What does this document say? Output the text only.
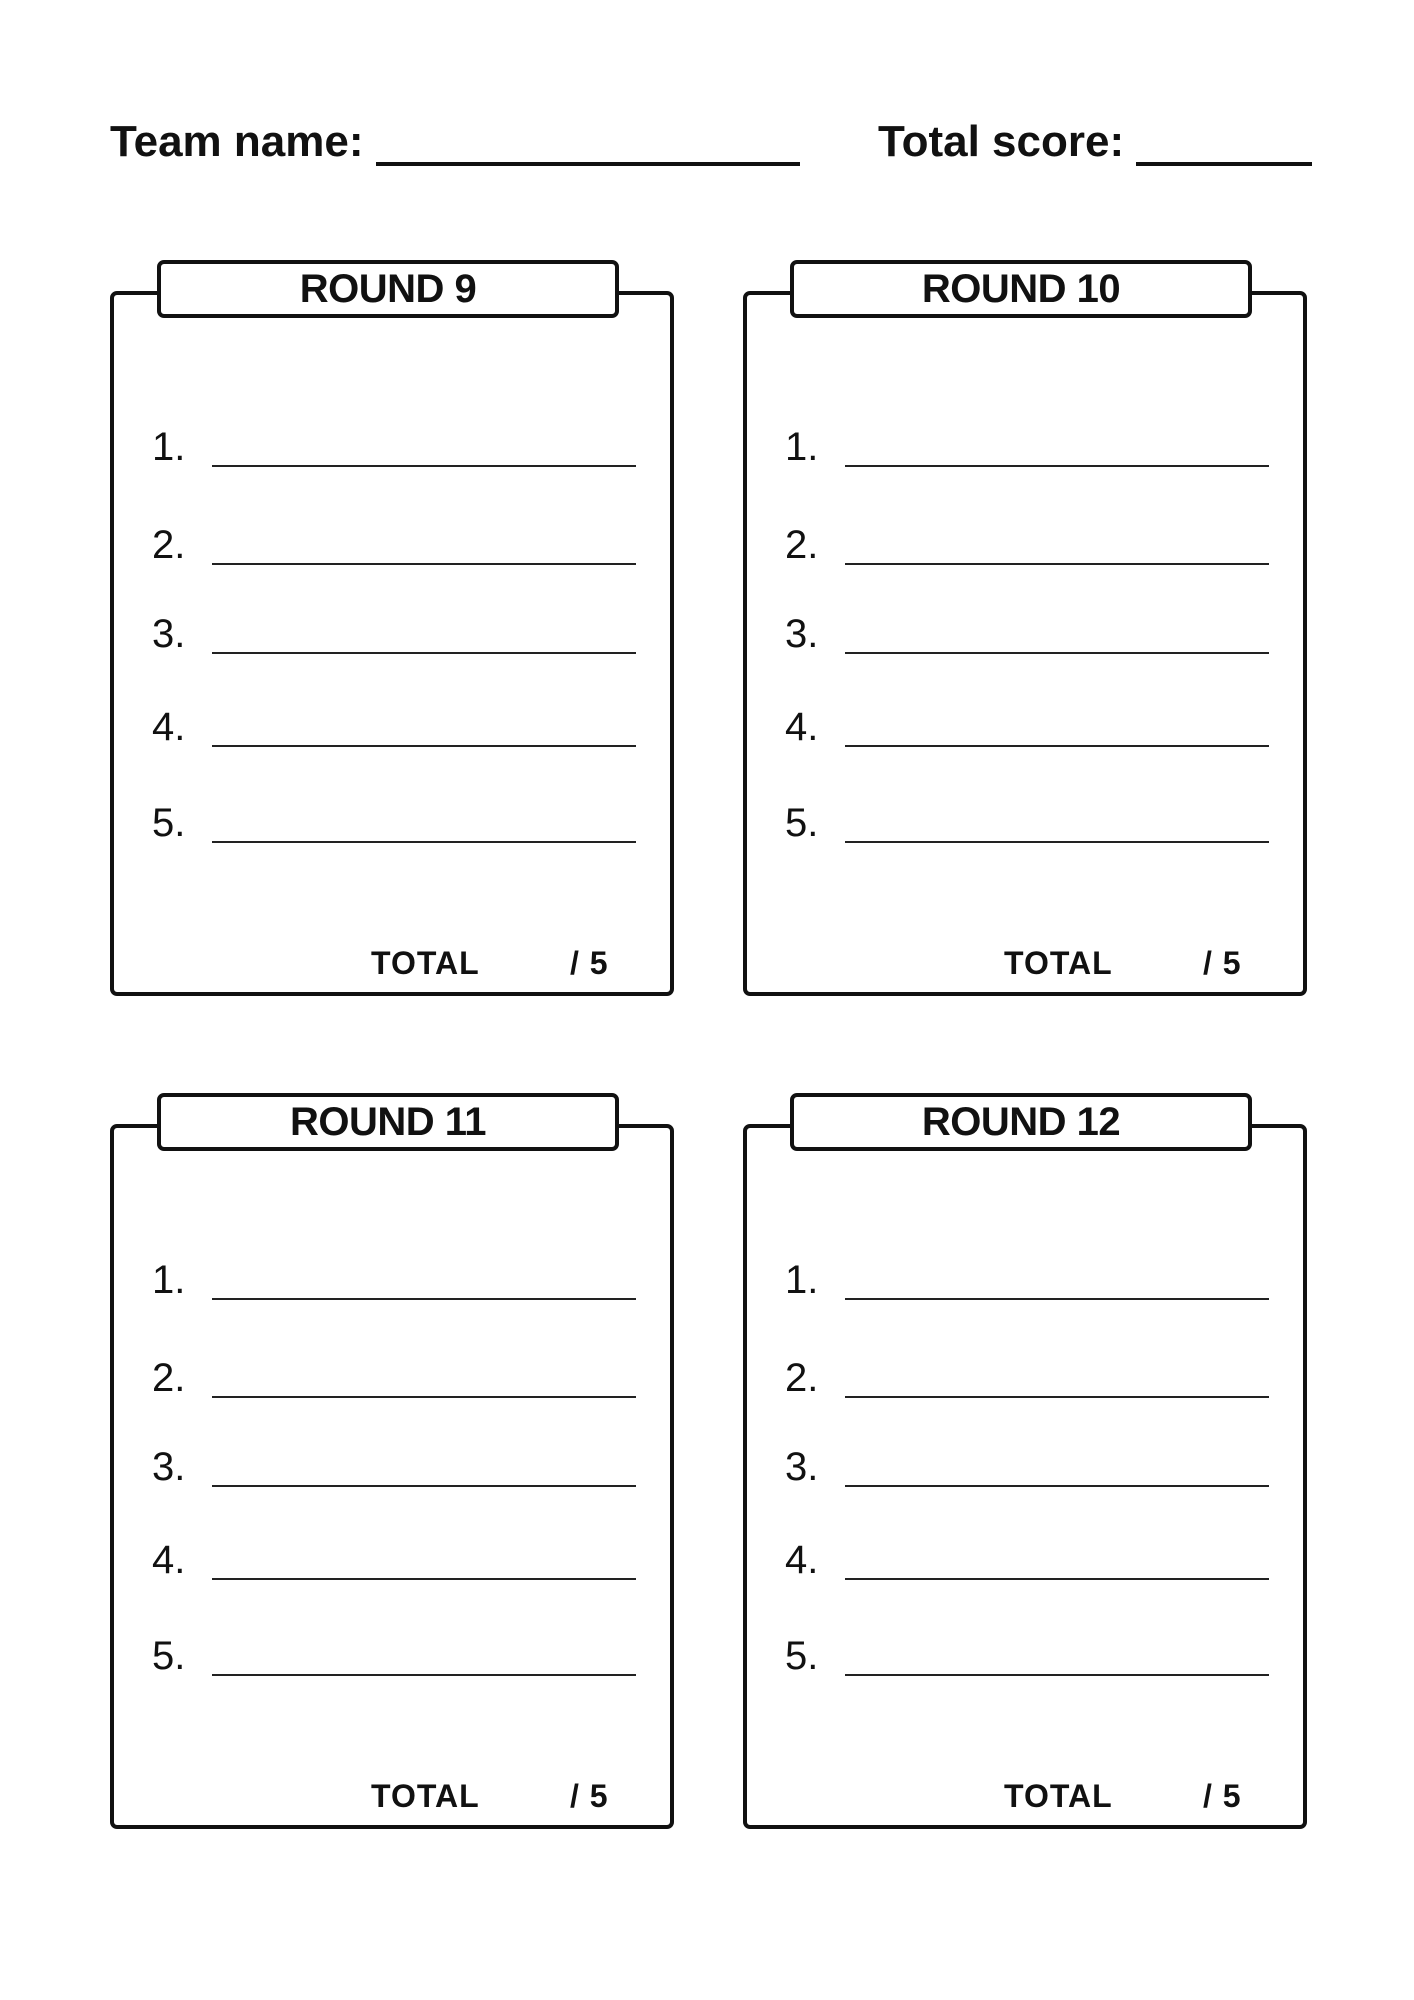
Team name:	Total score:
1.
2.
3.
4.
5.
TOTAL	/ 5
ROUND 9
1.
2.
3.
4.
5.
TOTAL	/ 5
ROUND 10
1.
2.
3.
4.
5.
TOTAL	/ 5
ROUND 11
1.
2.
3.
4.
5.
TOTAL	/ 5
ROUND 12
